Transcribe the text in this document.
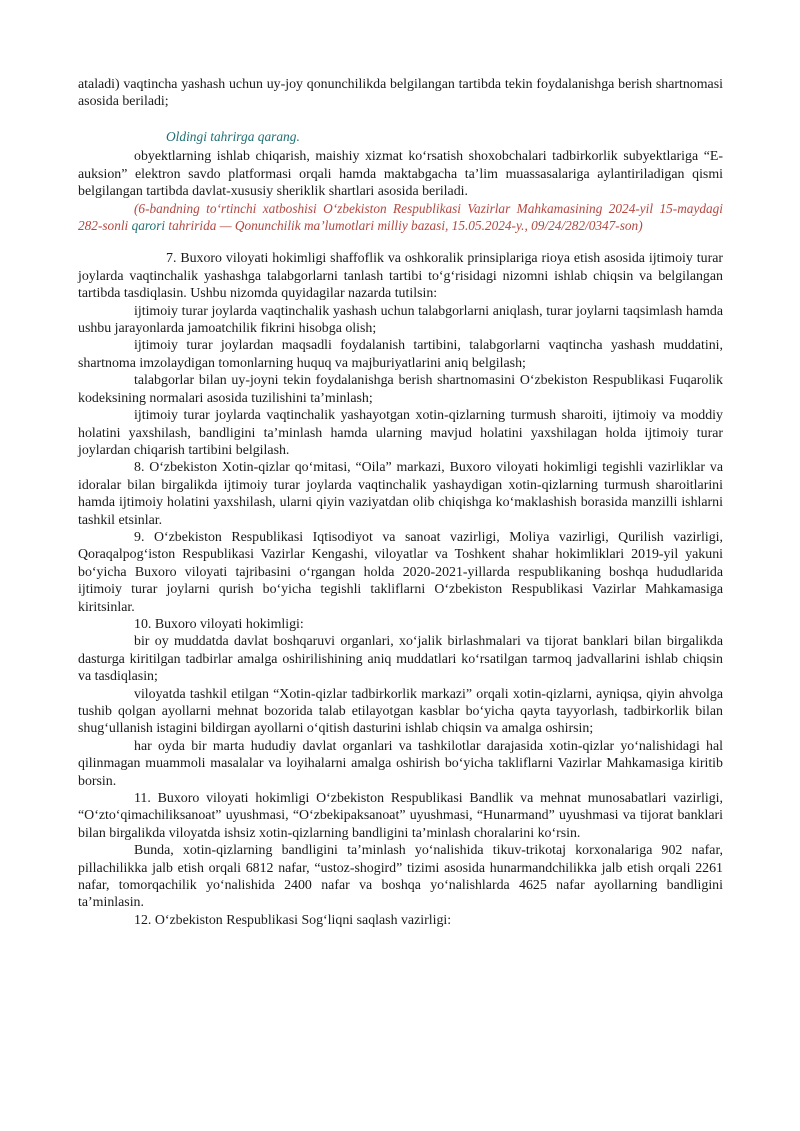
ataladi) vaqtincha yashash uchun uy-joy qonunchilikda belgilangan tartibda tekin foydalanishga berish shartnomasi asosida beriladi;

Oldingi tahrirga qarang.

obyektlarning ishlab chiqarish, maishiy xizmat koʻrsatish shoxobchalari tadbirkorlik subyektlariga “E-auksion” elektron savdo platformasi orqali hamda maktabgacha taʼlim muassasalariga aylantiriladigan qismi belgilangan tartibda davlat-xususiy sheriklik shartlari asosida beriladi.

(6-bandning toʻrtinchi xatboshisi Oʻzbekiston Respublikasi Vazirlar Mahkamasining 2024-yil 15-maydagi 282-sonli qarori tahririda — Qonunchilik maʼlumotlari milliy bazasi, 15.05.2024-y., 09/24/282/0347-son)

7. Buxoro viloyati hokimligi shaffoflik va oshkoralik prinsiplariga rioya etish asosida ijtimoiy turar joylarda vaqtinchalik yashashga talabgorlarni tanlash tartibi toʻgʻrisidagi nizomni ishlab chiqsin va belgilangan tartibda tasdiqlasin. Ushbu nizomda quyidagilar nazarda tutilsin:

ijtimoiy turar joylarda vaqtinchalik yashash uchun talabgorlarni aniqlash, turar joylarni taqsimlash hamda ushbu jarayonlarda jamoatchilik fikrini hisobga olish;

ijtimoiy turar joylardan maqsadli foydalanish tartibini, talabgorlarni vaqtincha yashash muddatini, shartnoma imzolaydigan tomonlarning huquq va majburiyatlarini aniq belgilash;

talabgorlar bilan uy-joyni tekin foydalanishga berish shartnomasini Oʻzbekiston Respublikasi Fuqarolik kodeksining normalari asosida tuzilishini taʼminlash;

ijtimoiy turar joylarda vaqtinchalik yashayotgan xotin-qizlarning turmush sharoiti, ijtimoiy va moddiy holatini yaxshilash, bandligini taʼminlash hamda ularning mavjud holatini yaxshilagan holda ijtimoiy turar joylardan chiqarish tartibini belgilash.

8. Oʻzbekiston Xotin-qizlar qoʻmitasi, “Oila” markazi, Buxoro viloyati hokimligi tegishli vazirliklar va idoralar bilan birgalikda ijtimoiy turar joylarda vaqtinchalik yashaydigan xotin-qizlarning turmush sharoitlarini hamda ijtimoiy holatini yaxshilash, ularni qiyin vaziyatdan olib chiqishga koʻmaklashish borasida manzilli ishlarni tashkil etsinlar.

9. Oʻzbekiston Respublikasi Iqtisodiyot va sanoat vazirligi, Moliya vazirligi, Qurilish vazirligi, Qoraqalpogʻiston Respublikasi Vazirlar Kengashi, viloyatlar va Toshkent shahar hokimliklari 2019-yil yakuni boʻyicha Buxoro viloyati tajribasini oʻrgangan holda 2020-2021-yillarda respublikaning boshqa hududlarida ijtimoiy turar joylarni qurish boʻyicha tegishli takliflarni Oʻzbekiston Respublikasi Vazirlar Mahkamasiga kiritsinlar.

10. Buxoro viloyati hokimligi:

bir oy muddatda davlat boshqaruvi organlari, xoʻjalik birlashmalari va tijorat banklari bilan birgalikda dasturga kiritilgan tadbirlar amalga oshirilishining aniq muddatlari koʻrsatilgan tarmoq jadvallarini ishlab chiqsin va tasdiqlasin;

viloyatda tashkil etilgan “Xotin-qizlar tadbirkorlik markazi” orqali xotin-qizlarni, ayniqsa, qiyin ahvolga tushib qolgan ayollarni mehnat bozorida talab etilayotgan kasblar boʻyicha qayta tayyorlash, tadbirkorlik bilan shugʻullanish istagini bildirgan ayollarni oʻqitish dasturini ishlab chiqsin va amalga oshirsin;

har oyda bir marta hududiy davlat organlari va tashkilotlar darajasida xotin-qizlar yoʻnalishidagi hal qilinmagan muammoli masalalar va loyihalarni amalga oshirish boʻyicha takliflarni Vazirlar Mahkamasiga kiritib borsin.

11. Buxoro viloyati hokimligi Oʻzbekiston Respublikasi Bandlik va mehnat munosabatlari vazirligi, “Oʻztoʻqimachiliksanoat” uyushmasi, “Oʻzbekipaksanoat” uyushmasi, “Hunarmand” uyushmasi va tijorat banklari bilan birgalikda viloyatda ishsiz xotin-qizlarning bandligini taʼminlash choralarini koʻrsin.

Bunda, xotin-qizlarning bandligini taʼminlash yoʻnalishida tikuv-trikotaj korxonalariga 902 nafar, pillachilikka jalb etish orqali 6812 nafar, “ustoz-shogird” tizimi asosida hunarmandchilikka jalb etish orqali 2261 nafar, tomorqachilik yoʻnalishida 2400 nafar va boshqa yoʻnalishlarda 4625 nafar ayollarning bandligini taʼminlasin.

12. Oʻzbekiston Respublikasi Sogʻliqni saqlash vazirligi:
